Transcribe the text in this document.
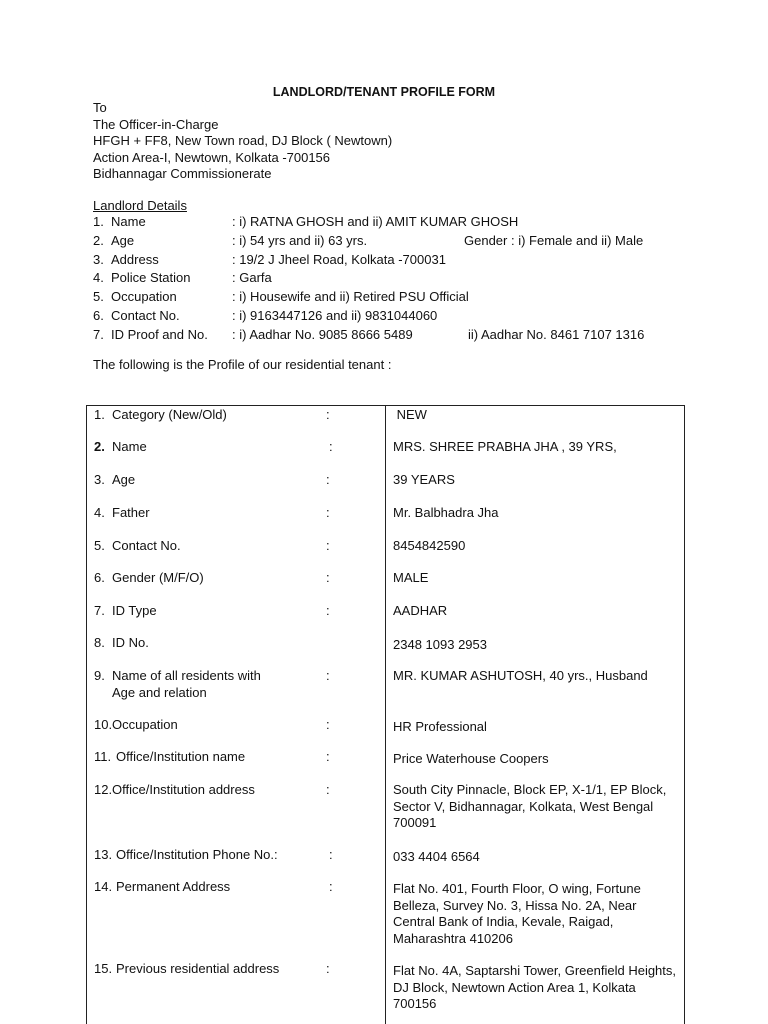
LANDLORD/TENANT PROFILE FORM
To
The Officer-in-Charge
HFGH + FF8, New Town road, DJ Block ( Newtown)
Action Area-I, Newtown, Kolkata -700156
Bidhannagar Commissionerate
Landlord Details
1. Name	: i) RATNA GHOSH and ii) AMIT KUMAR GHOSH
2. Age	: i) 54 yrs and ii) 63 yrs.	Gender : i) Female and ii) Male
3. Address	: 19/2 J Jheel Road, Kolkata -700031
4. Police Station	: Garfa
5. Occupation	: i) Housewife and ii) Retired PSU Official
6. Contact No.	: i) 9163447126 and ii) 9831044060
7. ID Proof and No. : i) Aadhar No. 9085 8666 5489	ii) Aadhar No. 8461 7107 1316
The following is the Profile of our residential tenant :
1. Category (New/Old)	:	NEW
2. Name	:	MRS. SHREE PRABHA JHA , 39 YRS,
3. Age	:	39 YEARS
4. Father	:	Mr. Balbhadra Jha
5. Contact No.	:	8454842590
6. Gender (M/F/O)	:	MALE
7. ID Type	:	AADHAR
8. ID No.	2348 1093 2953
9. Name of all residents with
Age and relation
:	MR. KUMAR ASHUTOSH, 40 yrs., Husband
10.Occupation	:	HR Professional
11. Office/Institution name	:	Price Waterhouse Coopers
12.Office/Institution address	:	South City Pinnacle, Block EP, X-1/1, EP Block, Sector V, Bidhannagar, Kolkata, West Bengal 700091
13. Office/Institution Phone No.:	:	033 4404 6564
14. Permanent Address	:	Flat No. 401, Fourth Floor, O wing, Fortune Belleza, Survey No. 3, Hissa No. 2A, Near Central Bank of India, Kevale, Raigad, Maharashtra 410206
15. Previous residential address	:	Flat No. 4A, Saptarshi Tower, Greenfield Heights, DJ Block, Newtown Action Area 1, Kolkata 700156
